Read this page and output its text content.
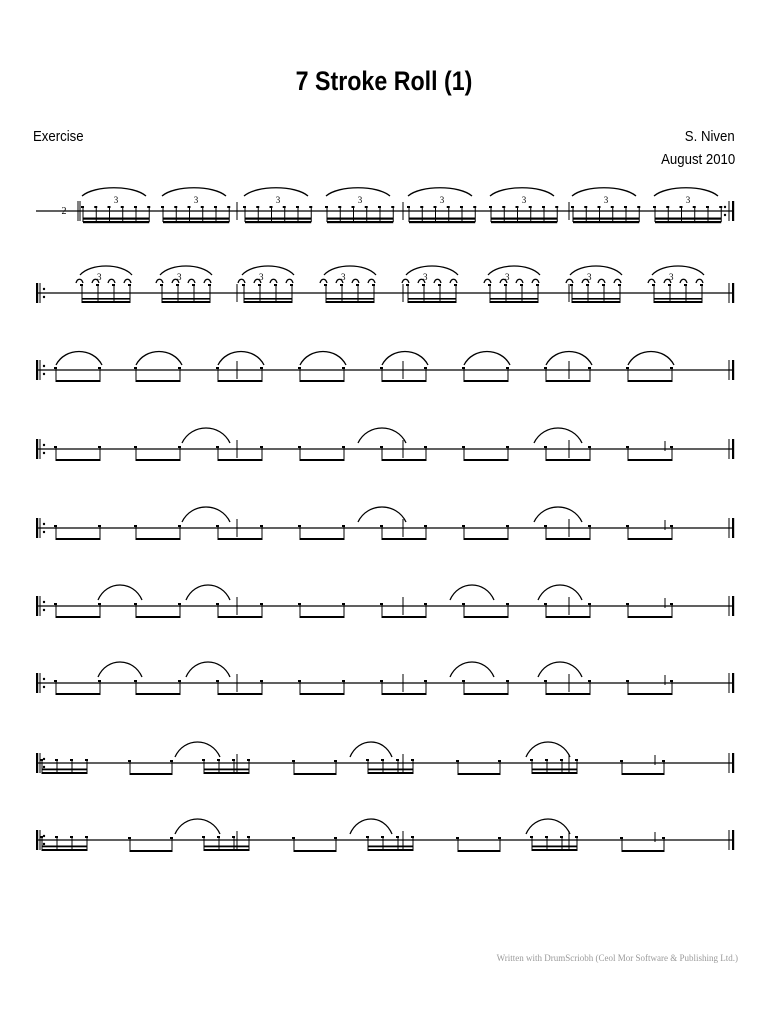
7 Stroke Roll (1)
Exercise	S. Niven
August 2010
2
3	3	3	3	3	3	3	3
3	3	3	3	3	3	3	3
Written with DrumScriobh (Ceol Mor Software & Publishing Ltd.)
